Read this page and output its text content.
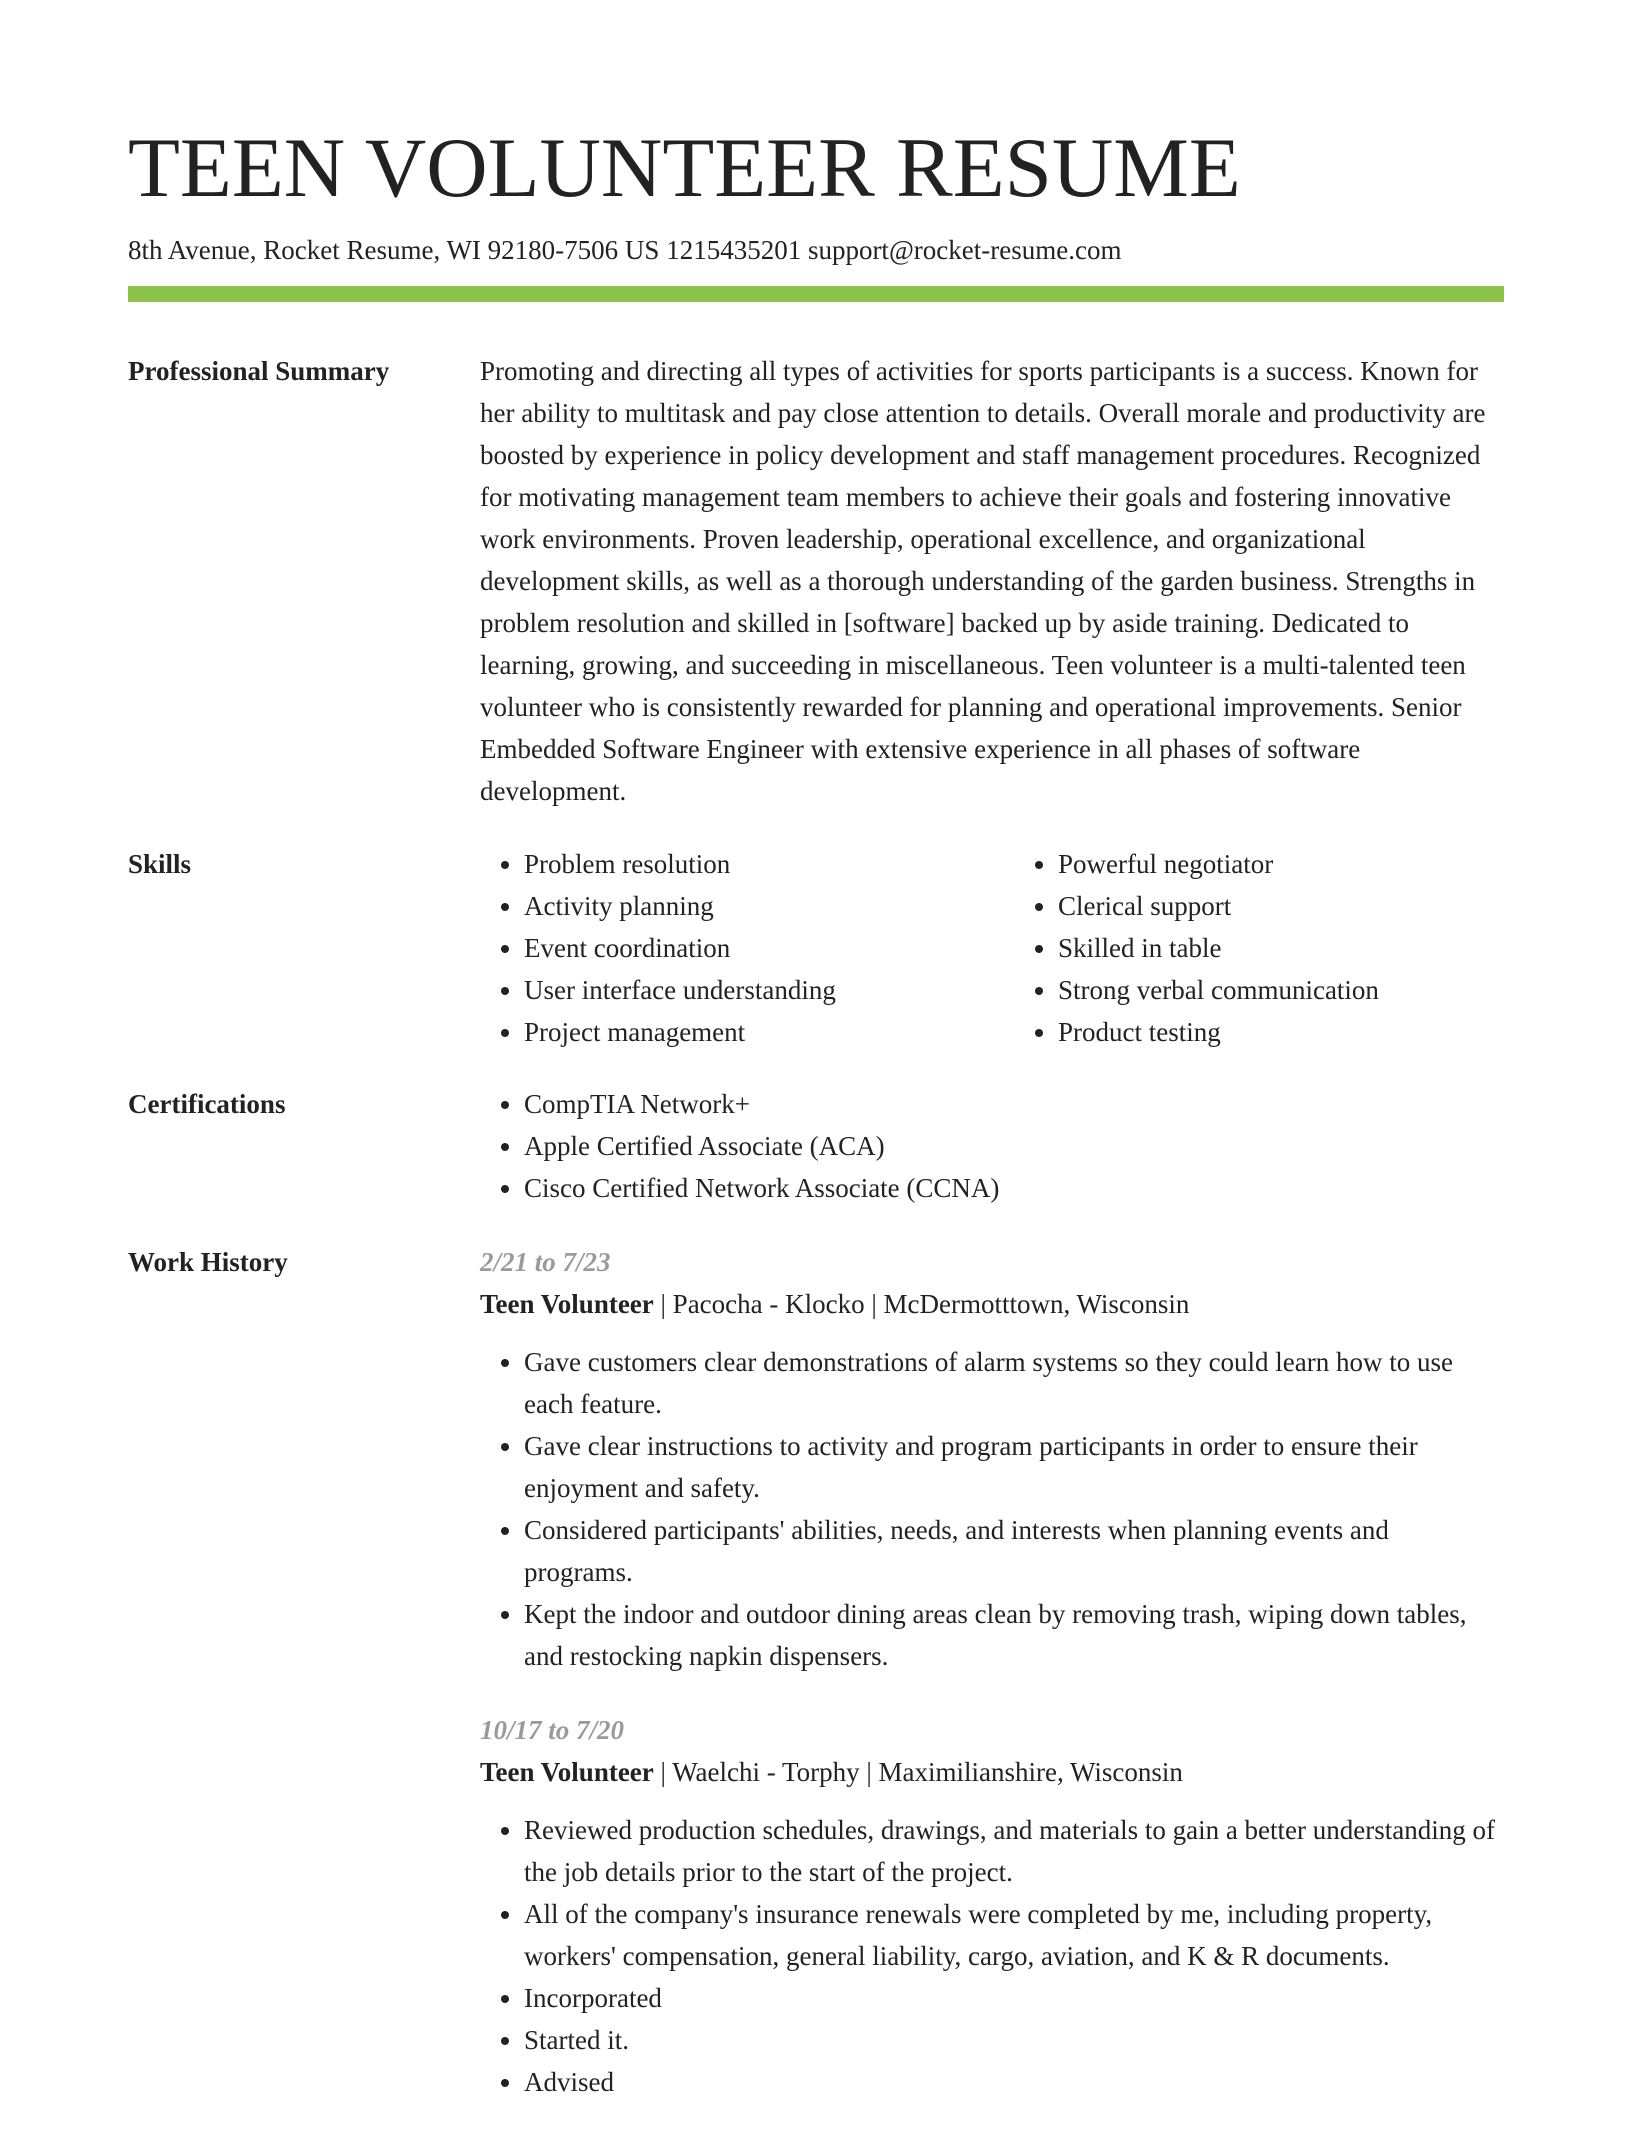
TEEN VOLUNTEER RESUME
8th Avenue, Rocket Resume, WI 92180-7506 US 1215435201 support@rocket-resume.com
Professional Summary	Promoting and directing all types of activities for sports participants is a success. Known for her ability to multitask and pay close attention to details. Overall morale and productivity are boosted by experience in policy development and staff management procedures. Recognized for motivating management team members to achieve their goals and fostering innovative work environments. Proven leadership, operational excellence, and organizational development skills, as well as a thorough understanding of the garden business. Strengths in problem resolution and skilled in [software] backed up by aside training. Dedicated to learning, growing, and succeeding in miscellaneous. Teen volunteer is a multi-talented teen volunteer who is consistently rewarded for planning and operational improvements. Senior Embedded Software Engineer with extensive experience in all phases of software development.

Skills	• Problem resolution
• Activity planning
• Event coordination
• User interface understanding
• Project management
• Powerful negotiator
• Clerical support
• Skilled in table
• Strong verbal communication
• Product testing
Certifications	• CompTIA Network+
• Apple Certified Associate (ACA)
• Cisco Certified Network Associate (CCNA)
Work History	2/21 to 7/23
Teen Volunteer | Pacocha - Klocko | McDermotttown, Wisconsin
• Gave customers clear demonstrations of alarm systems so they could learn how to use each feature.
• Gave clear instructions to activity and program participants in order to ensure their enjoyment and safety.
• Considered participants' abilities, needs, and interests when planning events and programs.
• Kept the indoor and outdoor dining areas clean by removing trash, wiping down tables, and restocking napkin dispensers.
10/17 to 7/20
Teen Volunteer | Waelchi - Torphy | Maximilianshire, Wisconsin
• Reviewed production schedules, drawings, and materials to gain a better understanding of the job details prior to the start of the project.
• All of the company's insurance renewals were completed by me, including property, workers' compensation, general liability, cargo, aviation, and K & R documents.
• Incorporated
• Started it.
• Advised
